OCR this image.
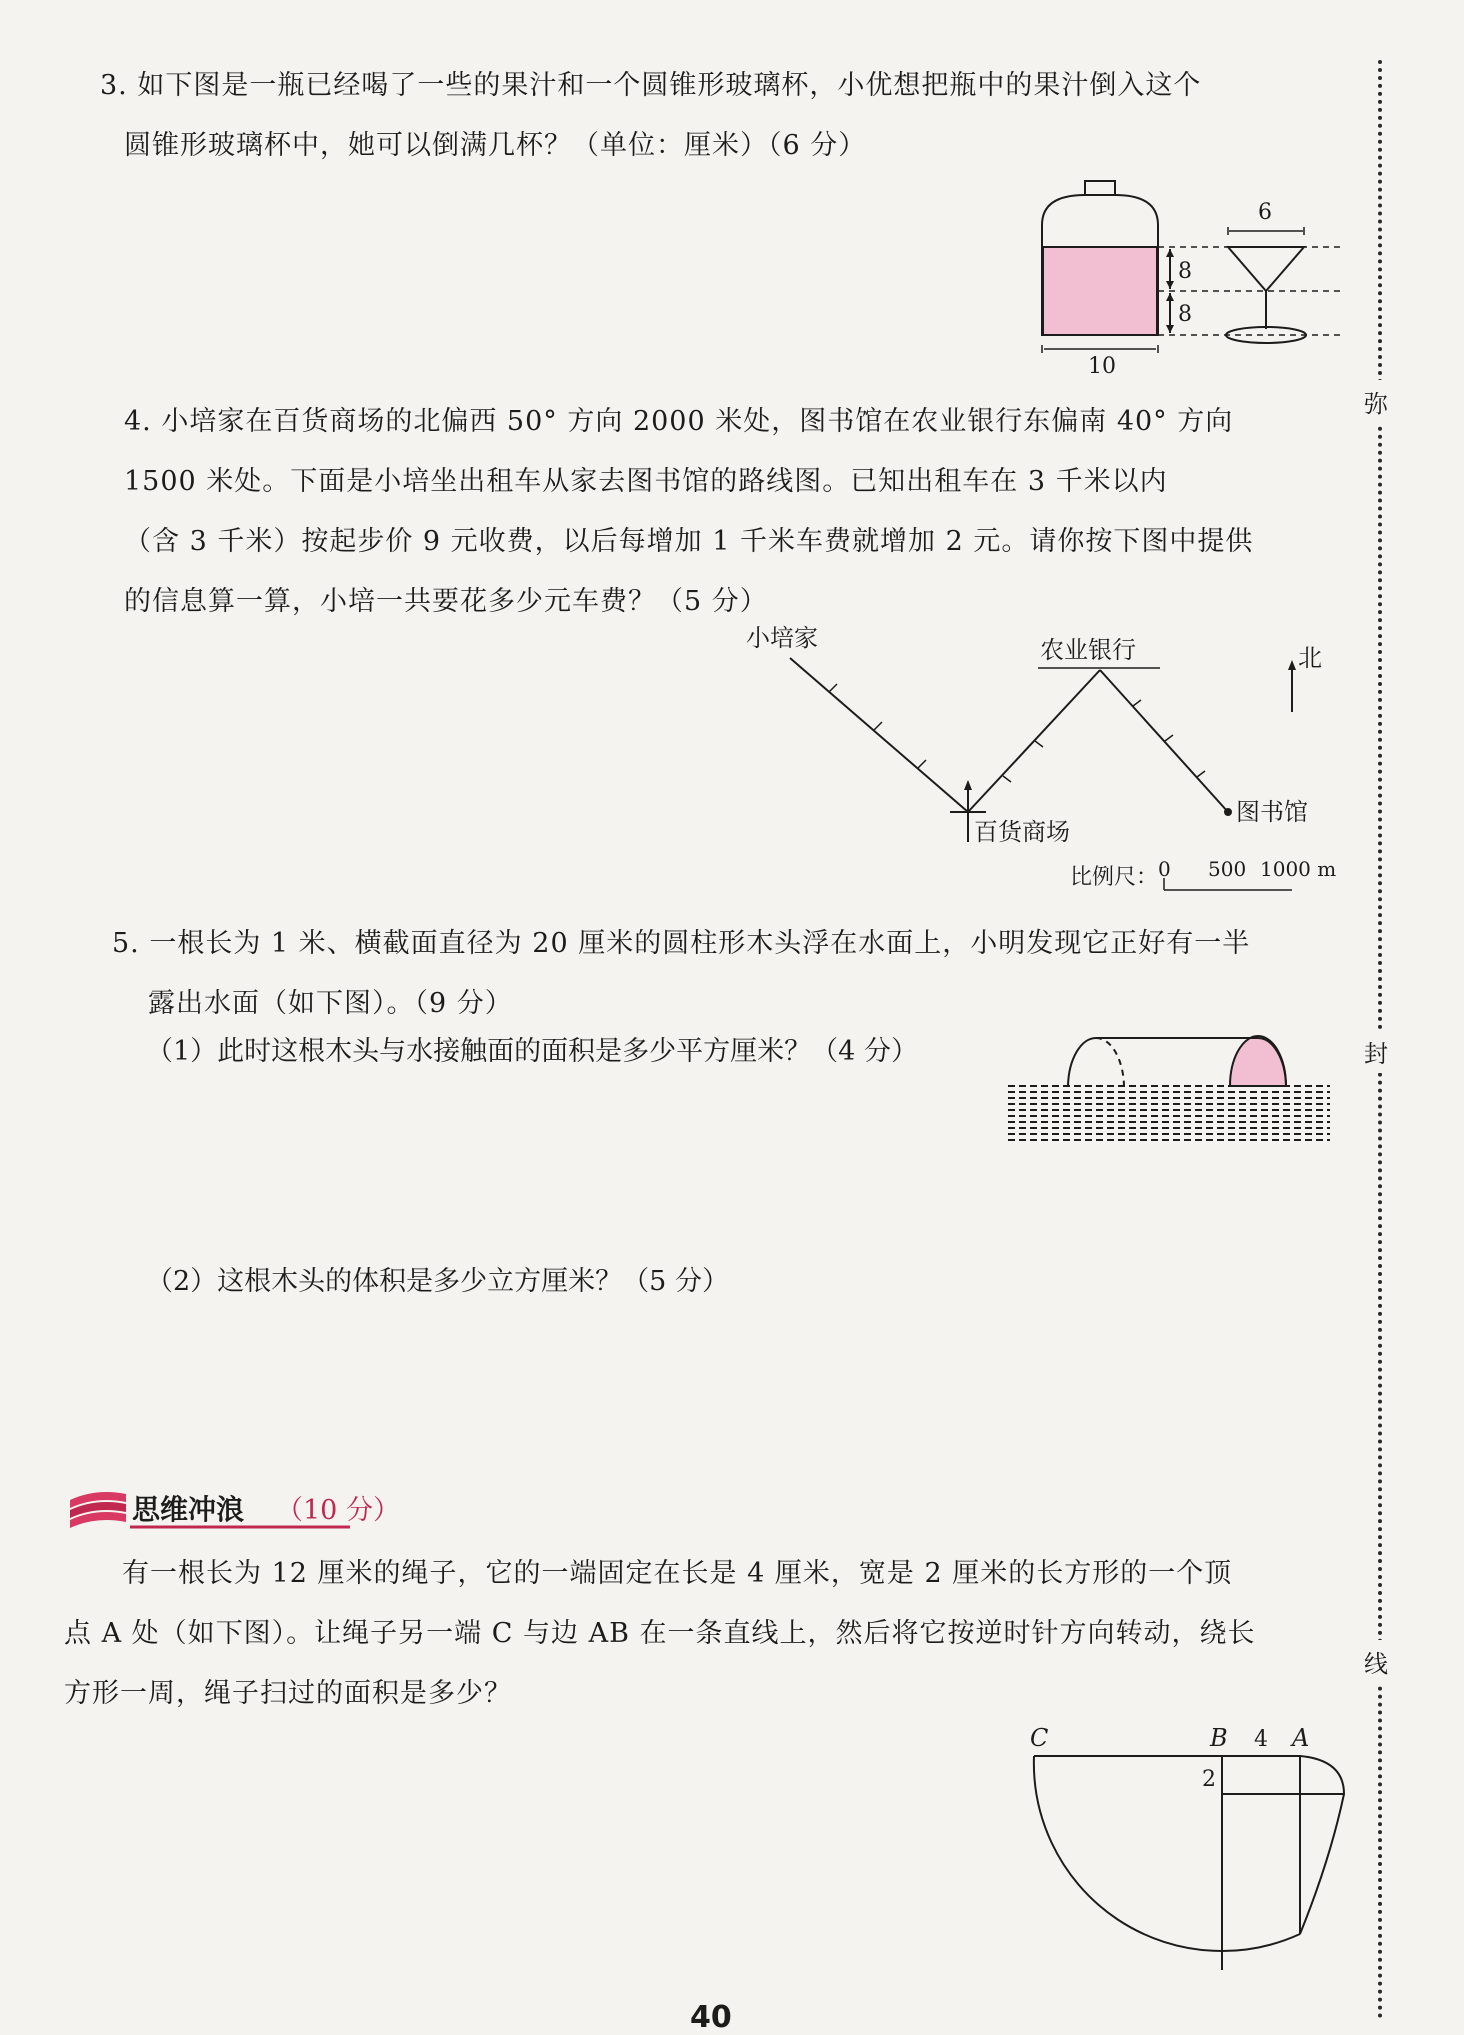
3. 如下图是一瓶已经喝了一些的果汁和一个圆锥形玻璃杯，小优想把瓶中的果汁倒入这个
圆锥形玻璃杯中，她可以倒满几杯？（单位：厘米）（6 分）
8
8
10
6
4. 小培家在百货商场的北偏西 50° 方向 2000 米处，图书馆在农业银行东偏南 40° 方向
1500 米处。下面是小培坐出租车从家去图书馆的路线图。已知出租车在 3 千米以内
（含 3 千米）按起步价 9 元收费，以后每增加 1 千米车费就增加 2 元。请你按下图中提供
的信息算一算，小培一共要花多少元车费？（5 分）
小培家	农业银行	北
百货商场
图书馆
比例尺： 0 500 1000 m
5. 一根长为 1 米、横截面直径为 20 厘米的圆柱形木头浮在水面上，小明发现它正好有一半
露出水面（如下图）。（9 分）
（1）此时这根木头与水接触面的面积是多少平方厘米？（4 分）
（2）这根木头的体积是多少立方厘米？（5 分）
思维冲浪 （10 分）
有一根长为 12 厘米的绳子，它的一端固定在长是 4 厘米，宽是 2 厘米的长方形的一个顶
点 A 处（如下图）。让绳子另一端 C 与边 AB 在一条直线上，然后将它按逆时针方向转动，绕长
方形一周，绳子扫过的面积是多少？
C	B 4 A
2
弥
封
线
40
